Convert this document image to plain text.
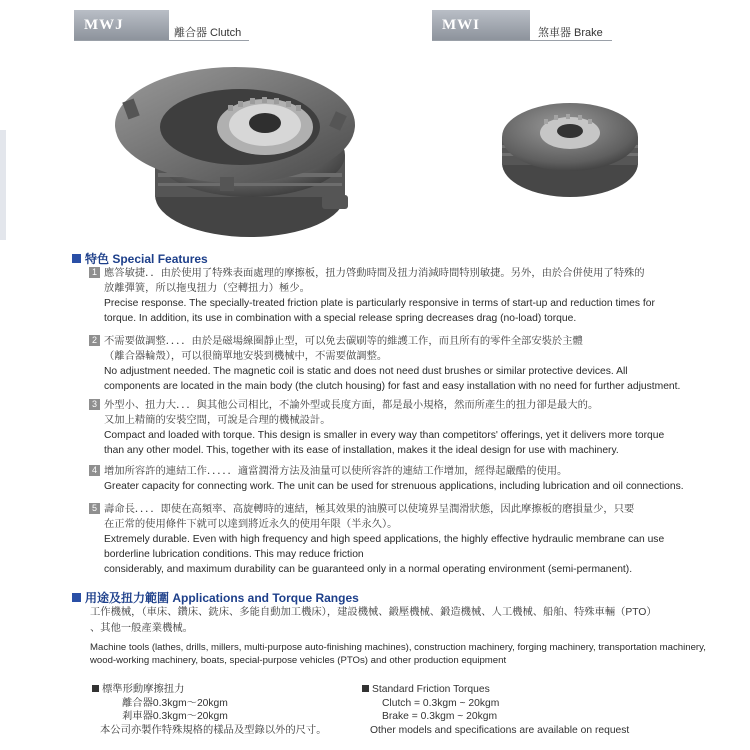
MWJ	離合器 Clutch	MWI	煞車器 Brake
特色 Special Features
1 應答敏捷．．由於使用了特殊表面處理的摩擦板，扭力啓動時間及扭力消減時間特別敏捷。另外，由於合併使用了特殊的
放離彈簧，所以拖曳扭力（空轉扭力）極少。
Precise response. The specially-treated friction plate is particularly responsive in terms of start-up and reduction times for
torque. In addition, its use in combination with a special release spring decreases drag (no-load) torque.
2 不需要做調整．．．．由於是磁場線圈靜止型，可以免去碳刷等的維護工作，而且所有的零件全部安裝於主體
（離合器輪殼），可以很簡單地安裝到機械中，不需要做調整。
No adjustment needed. The magnetic coil is static and does not need dust brushes or similar protective devices. All
components are located in the main body (the clutch housing) for fast and easy installation with no need for further adjustment.
3 外型小、扭力大．．．與其他公司相比，不論外型或長度方面，都是最小規格，然而所產生的扭力卻是最大的。
又加上精簡的安裝空間，可說是合理的機械設計。
Compact and loaded with torque. This design is smaller in every way than competitors' offerings, yet it delivers more torque
than any other model. This, together with its ease of installation, makes it the ideal design for use with machinery.
4 增加所容許的連結工作．．．．．適當潤滑方法及油量可以使所容許的連結工作增加，經得起嚴酷的使用。
Greater capacity for connecting work. The unit can be used for strenuous applications, including lubrication and oil connections.
5 壽命長．．．．即使在高頻率、高旋轉時的連結，極其效果的油膜可以使境界呈潤滑狀態，因此摩擦板的磨損量少，只要
在正常的使用條件下就可以達到將近永久的使用年限（半永久）。
Extremely durable. Even with high frequency and high speed applications, the highly effective hydraulic membrane can use
borderline lubrication conditions. This may reduce friction
considerably, and maximum durability can be guaranteed only in a normal operating environment (semi-permanent).
用途及扭力範圍 Applications and Torque Ranges
工作機械，（車床、鑽床、銑床、多能自動加工機床），建設機械、鍛壓機械、鍛造機械、人工機械、船舶、特殊車輛（PTO）
、其他一般產業機械。
Machine tools (lathes, drills, millers, multi-purpose auto-finishing machines), construction machinery, forging machinery, transportation machinery,
wood-working machinery, boats, special-purpose vehicles (PTOs) and other production equipment
標準形動摩擦扭力
離合器0.3kgm～20kgm
剎車器0.3kgm～20kgm
本公司亦製作特殊規格的樣品及型錄以外的尺寸。
Standard Friction Torques
Clutch = 0.3kgm ~ 20kgm
Brake = 0.3kgm ~ 20kgm
Other models and specifications are available on request
